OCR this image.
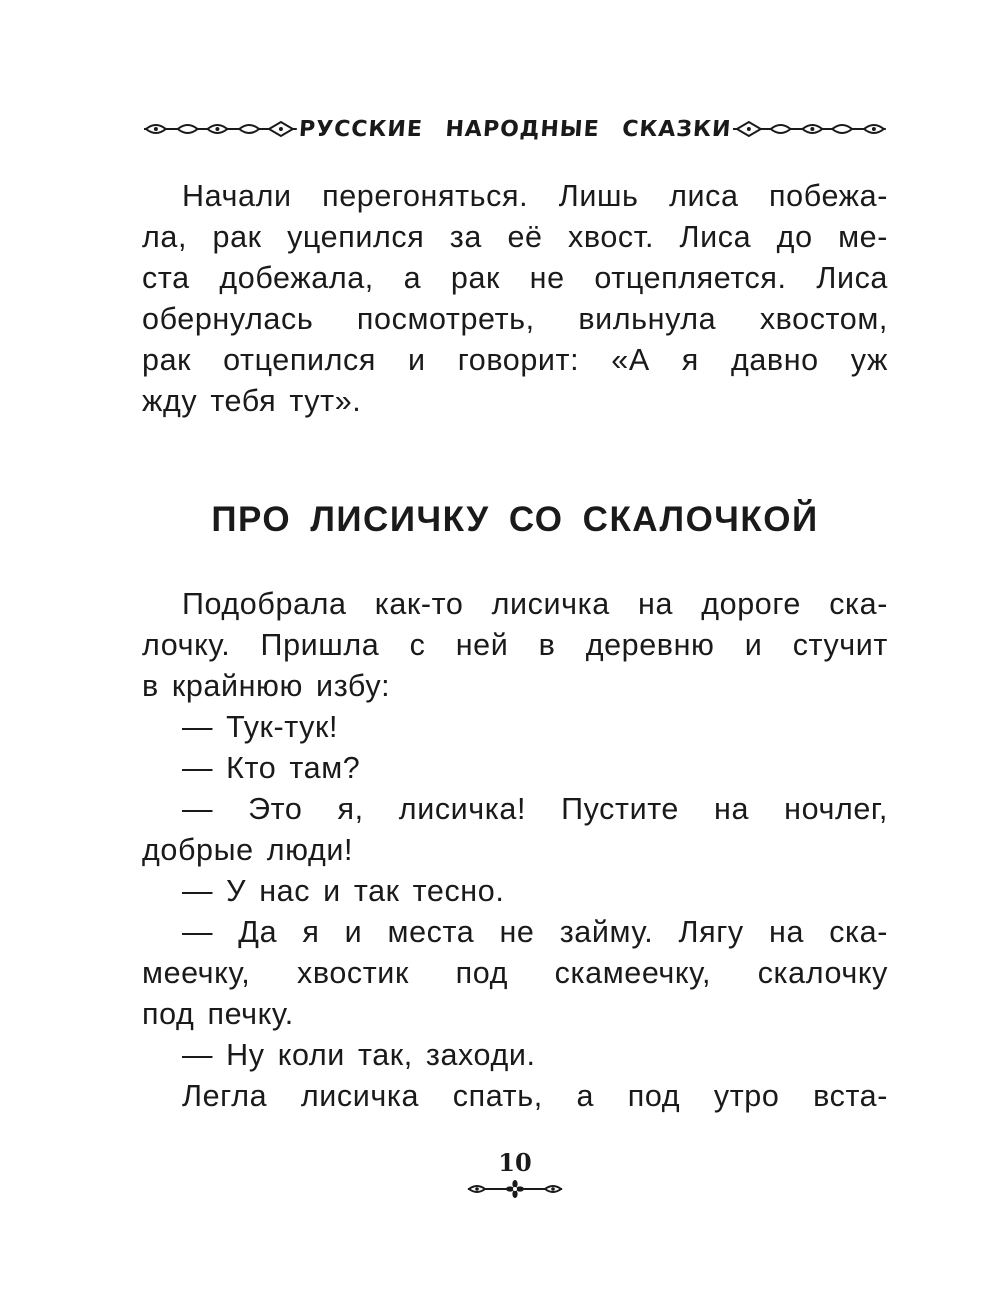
РУССКИЕ НАРОДНЫЕ СКАЗКИ

Начали перегоняться. Лишь лиса побежа-

ла, рак уцепился за её хвост. Лиса до ме-

ста добежала, а рак не отцепляется. Лиса

обернулась посмотреть, вильнула хвостом,

рак отцепился и говорит: «А я давно уж

жду тебя тут».

ПРО ЛИСИЧКУ СО СКАЛОЧКОЙ

Подобрала как-то лисичка на дороге ска-

лочку. Пришла с ней в деревню и стучит

в крайнюю избу:

— Тук-тук!

— Кто там?

— Это я, лисичка! Пустите на ночлег,

добрые люди!

— У нас и так тесно.

— Да я и места не займу. Лягу на ска-

меечку, хвостик под скамеечку, скалочку

под печку.

— Ну коли так, заходи.

Легла лисичка спать, а под утро вста-

10
